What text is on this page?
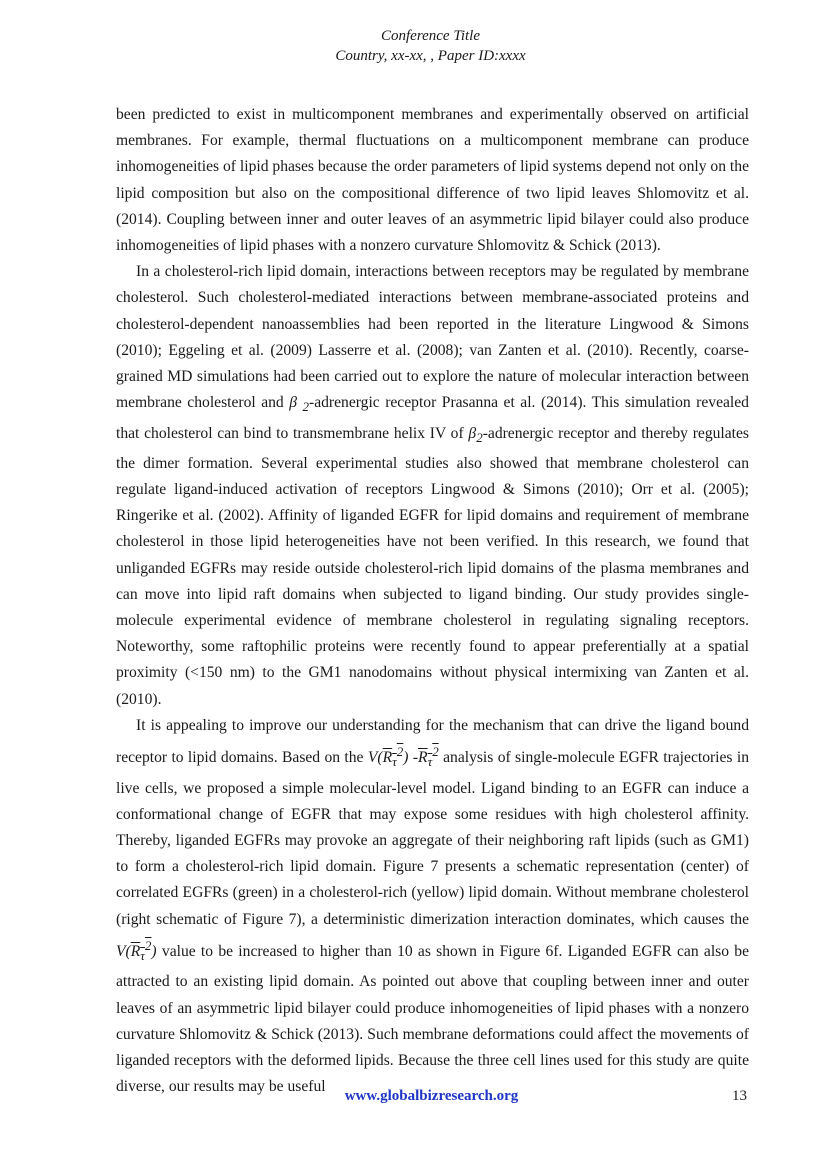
Conference Title
Country, xx-xx, , Paper ID:xxxx

been predicted to exist in multicomponent membranes and experimentally observed on artificial membranes. For example, thermal fluctuations on a multicomponent membrane can produce inhomogeneities of lipid phases because the order parameters of lipid systems depend not only on the lipid composition but also on the compositional difference of two lipid leaves Shlomovitz et al. (2014). Coupling between inner and outer leaves of an asymmetric lipid bilayer could also produce inhomogeneities of lipid phases with a nonzero curvature Shlomovitz & Schick (2013).

In a cholesterol-rich lipid domain, interactions between receptors may be regulated by membrane cholesterol. Such cholesterol-mediated interactions between membrane-associated proteins and cholesterol-dependent nanoassemblies had been reported in the literature Lingwood & Simons (2010); Eggeling et al. (2009) Lasserre et al. (2008); van Zanten et al. (2010). Recently, coarse-grained MD simulations had been carried out to explore the nature of molecular interaction between membrane cholesterol and β $_2$-adrenergic receptor Prasanna et al. (2014). This simulation revealed that cholesterol can bind to transmembrane helix IV of $\beta_2$-adrenergic receptor and thereby regulates the dimer formation. Several experimental studies also showed that membrane cholesterol can regulate ligand-induced activation of receptors Lingwood & Simons (2010); Orr et al. (2005); Ringerike et al. (2002). Affinity of liganded EGFR for lipid domains and requirement of membrane cholesterol in those lipid heterogeneities have not been verified. In this research, we found that unliganded EGFRs may reside outside cholesterol-rich lipid domains of the plasma membranes and can move into lipid raft domains when subjected to ligand binding. Our study provides single-molecule experimental evidence of membrane cholesterol in regulating signaling receptors. Noteworthy, some raftophilic proteins were recently found to appear preferentially at a spatial proximity (<150 nm) to the GM1 nanodomains without physical intermixing van Zanten et al. (2010).

It is appealing to improve our understanding for the mechanism that can drive the ligand bound receptor to lipid domains. Based on the $V(R_\tau^2)$ $-R_\tau^2$ analysis of single-molecule EGFR trajectories in live cells, we proposed a simple molecular-level model. Ligand binding to an EGFR can induce a conformational change of EGFR that may expose some residues with high cholesterol affinity. Thereby, liganded EGFRs may provoke an aggregate of their neighboring raft lipids (such as GM1) to form a cholesterol-rich lipid domain. Figure 7 presents a schematic representation (center) of correlated EGFRs (green) in a cholesterol-rich (yellow) lipid domain. Without membrane cholesterol (right schematic of Figure 7), a deterministic dimerization interaction dominates, which causes the $V(R_\tau^2)$ value to be increased to higher than 10 as shown in Figure 6f. Liganded EGFR can also be attracted to an existing lipid domain. As pointed out above that coupling between inner and outer leaves of an asymmetric lipid bilayer could produce inhomogeneities of lipid phases with a nonzero curvature Shlomovitz & Schick (2013). Such membrane deformations could affect the movements of liganded receptors with the deformed lipids. Because the three cell lines used for this study are quite diverse, our results may be useful

www.globalbizresearch.org	13
